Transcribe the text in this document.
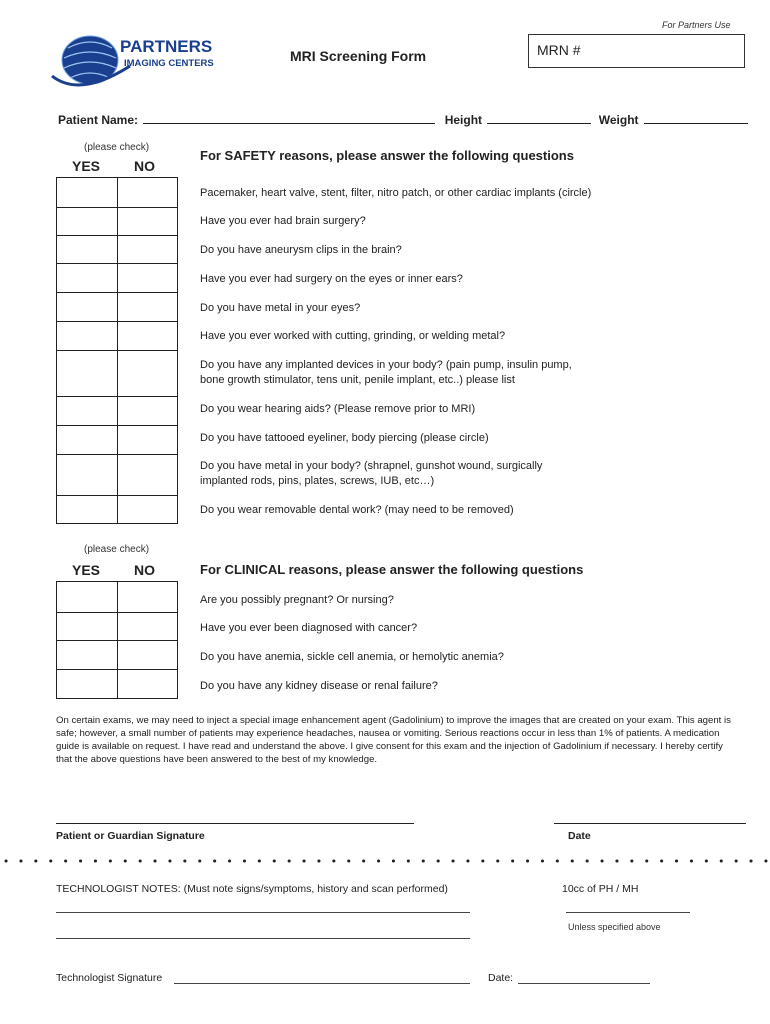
For Partners Use
PARTNERS
IMAGING CENTERS	MRI Screening Form	MRN #
Patient Name:	Height	Weight
(please check)
YES NO
For SAFETY reasons, please answer the following questions

Pacemaker, heart valve, stent, filter, nitro patch, or other cardiac implants (circle)
Have you ever had brain surgery?
Do you have aneurysm clips in the brain?
Have you ever had surgery on the eyes or inner ears?
Do you have metal in your eyes?
Have you ever worked with cutting, grinding, or welding metal?
Do you have any implanted devices in your body? (pain pump, insulin pump,
bone growth stimulator, tens unit, penile implant, etc..) please list
Do you wear hearing aids? (Please remove prior to MRI)
Do you have tattooed eyeliner, body piercing (please circle)
Do you have metal in your body? (shrapnel, gunshot wound, surgically
implanted rods, pins, plates, screws, IUB, etc…)
Do you wear removable dental work? (may need to be removed)
(please check)
YES NO	For CLINICAL reasons, please answer the following questions

Are you possibly pregnant? Or nursing?
Have you ever been diagnosed with cancer?
Do you have anemia, sickle cell anemia, or hemolytic anemia?
Do you have any kidney disease or renal failure?
On certain exams, we may need to inject a special image enhancement agent (Gadolinium) to improve the images that are created on your exam. This agent is safe; however, a small number of patients may experience headaches, nausea or vomiting. Serious reactions occur in less than 1% of patients. A medication guide is available on request. I have read and understand the above. I give consent for this exam and the injection of Gadolinium if necessary. I hereby certify that the above questions have been answered to the best of my knowledge.
Patient or Guardian Signature	Date
TECHNOLOGIST NOTES: (Must note signs/symptoms, history and scan performed)	10cc of PH / MH
Unless specified above
Technologist Signature	Date:
